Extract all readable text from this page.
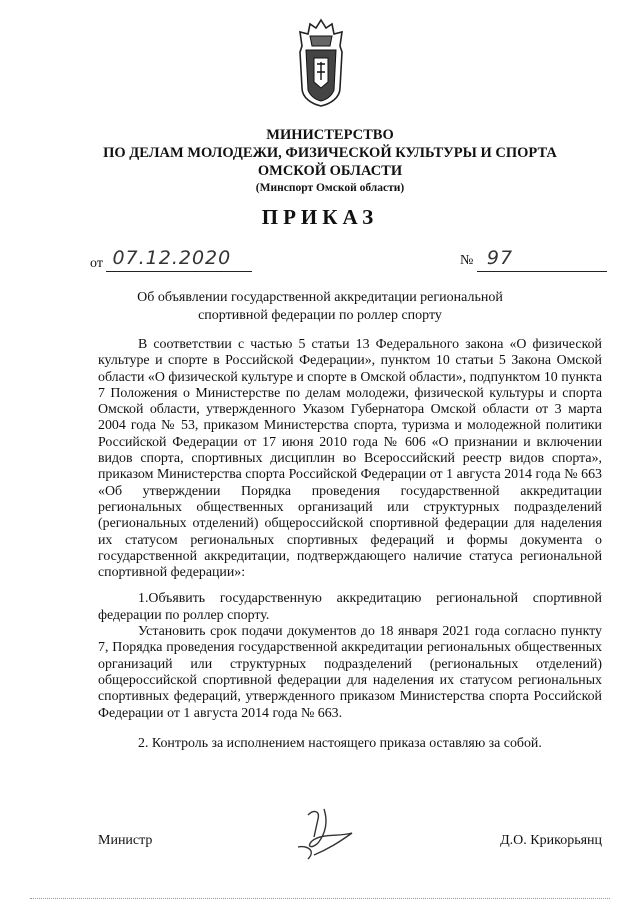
МИНИСТЕРСТВО
ПО ДЕЛАМ МОЛОДЕЖИ, ФИЗИЧЕСКОЙ КУЛЬТУРЫ И СПОРТА
ОМСКОЙ ОБЛАСТИ
(Минспорт Омской области)
ПРИКАЗ
от 07.12.2020	№ 97
Об объявлении государственной аккредитации региональной спортивной федерации по роллер спорту

В соответствии с частью 5 статьи 13 Федерального закона «О физической культуре и спорте в Российской Федерации», пунктом 10 статьи 5 Закона Омской области «О физической культуре и спорте в Омской области», подпунктом 10 пункта 7 Положения о Министерстве по делам молодежи, физической культуры и спорта Омской области, утвержденного Указом Губернатора Омской области от 3 марта 2004 года № 53, приказом Министерства спорта, туризма и молодежной политики Российской Федерации от 17 июня 2010 года № 606 «О признании и включении видов спорта, спортивных дисциплин во Всероссийский реестр видов спорта», приказом Министерства спорта Российской Федерации от 1 августа 2014 года № 663 «Об утверждении Порядка проведения государственной аккредитации региональных общественных организаций или структурных подразделений (региональных отделений) общероссийской спортивной федерации для наделения их статусом региональных спортивных федераций и формы документа о государственной аккредитации, подтверждающего наличие статуса региональной спортивной федерации»:

1.Объявить государственную аккредитацию региональной спортивной федерации по роллер спорту.

Установить срок подачи документов до 18 января 2021 года согласно пункту 7, Порядка проведения государственной аккредитации региональных общественных организаций или структурных подразделений (региональных отделений) общероссийской спортивной федерации для наделения их статусом региональных спортивных федераций, утвержденного приказом Министерства спорта Российской Федерации от 1 августа 2014 года № 663.

2. Контроль за исполнением настоящего приказа оставляю за собой.

Министр	Д.О. Крикорьянц
